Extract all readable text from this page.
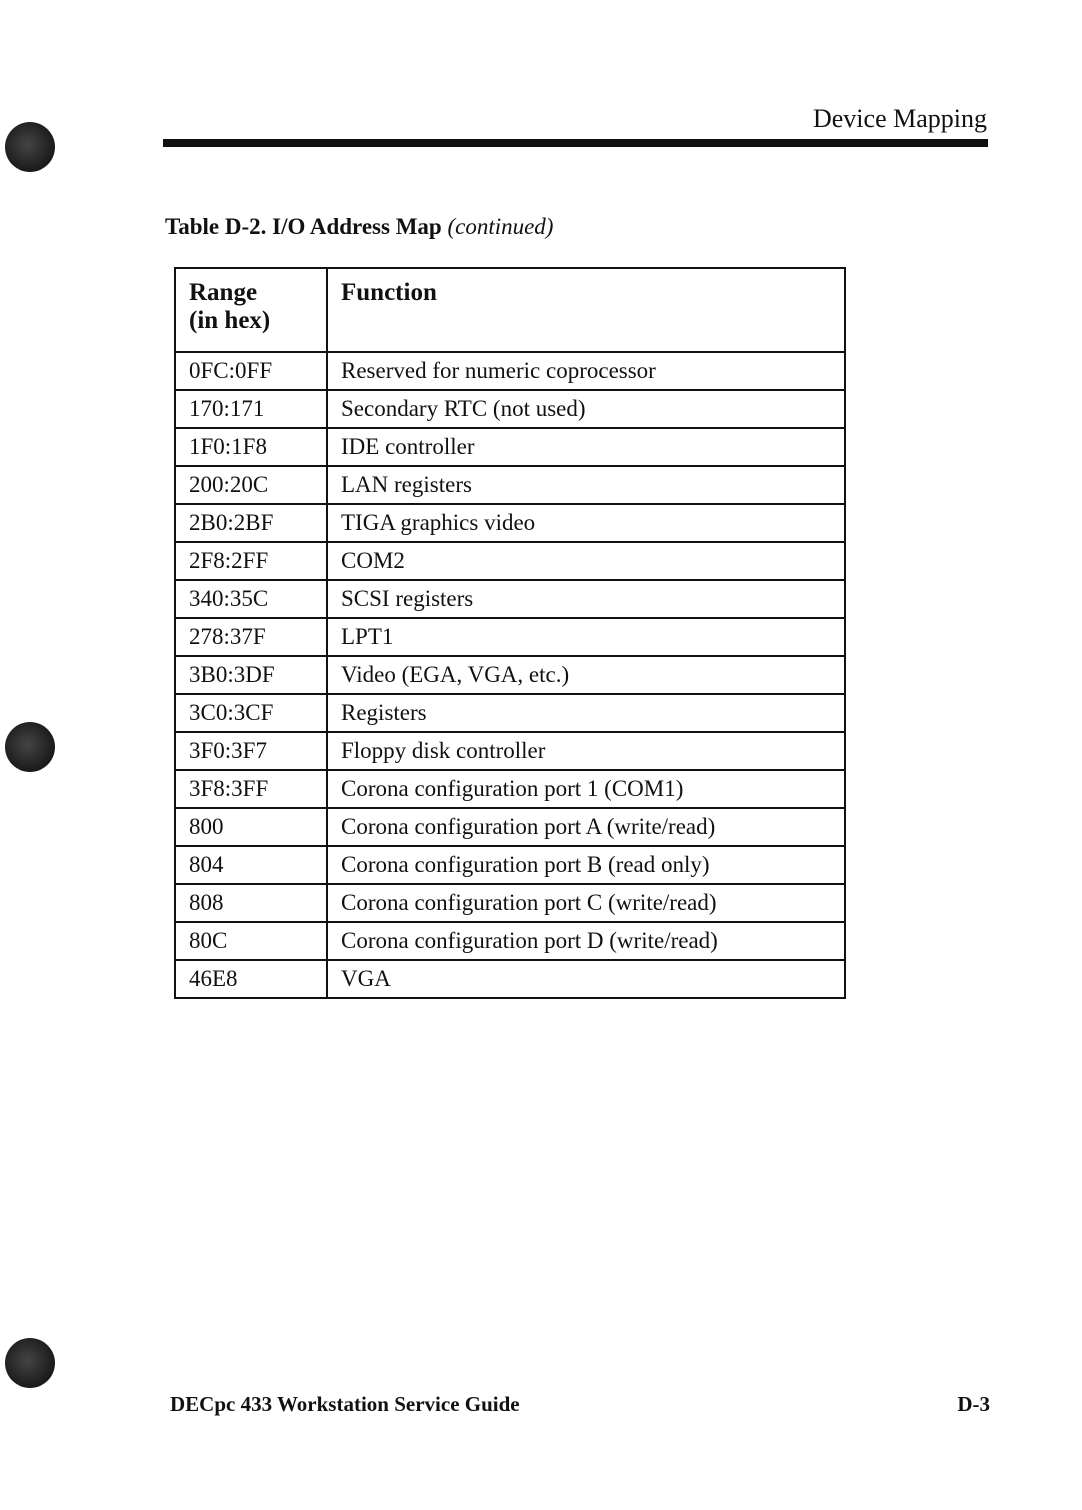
Device Mapping
Table D-2. I/O Address Map (continued)
Range
(in hex)	Function
0FC:0FF	Reserved for numeric coprocessor
170:171	Secondary RTC (not used)
1F0:1F8	IDE controller
200:20C	LAN registers
2B0:2BF	TIGA graphics video
2F8:2FF	COM2
340:35C	SCSI registers
278:37F	LPT1
3B0:3DF	Video (EGA, VGA, etc.)
3C0:3CF	Registers
3F0:3F7	Floppy disk controller
3F8:3FF	Corona configuration port 1 (COM1)
800	Corona configuration port A (write/read)
804	Corona configuration port B (read only)
808	Corona configuration port C (write/read)
80C	Corona configuration port D (write/read)
46E8	VGA
DECpc 433 Workstation Service Guide	D-3
